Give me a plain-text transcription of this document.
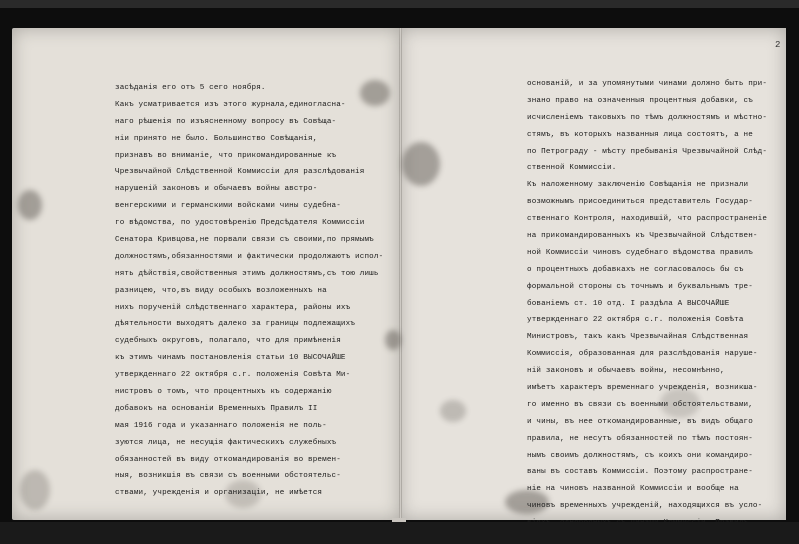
2
засѣданія его отъ 5 сего ноября.
Какъ усматривается изъ этого журнала,единогласна-
наго рѣшенія по изъясненному вопросу въ Совѣща-
ніи принято не было. Большинство Совѣщанія,
признавъ во вниманіе, что прикомандированные къ
Чрезвычайной Слѣдственной Коммиссіи для разслѣдованія
нарушеній законовъ и обычаевъ войны австро-
венгерскими и германскими войсками чины судебна-
го вѣдомства, по удостовѣренію Предсѣдателя Коммиссіи
Сенатора Кривцова,не порвали связи съ своими,по прямымъ
должностямъ,обязанностями и фактически продолжаютъ испол-
нять дѣйствія,свойственныя этимъ должностямъ,съ тою лишь
разницею, что,въ виду особыхъ возложенныхъ на
нихъ порученій слѣдственнаго характера, районы ихъ
дѣятельности выходятъ далеко за границы подлежащихъ
судебныхъ округовъ, полагало, что для примѣненія
къ этимъ чинамъ постановленія статьи 10 ВЫСОЧАЙШЕ
утвержденнаго 22 октября с.г. положенія Совѣта Ми-
нистровъ о томъ, что процентныхъ къ содержанію
добавокъ на основаніи Временныхъ Правилъ II
мая 1916 года и указаннаго положенія не поль-
зуются лица, не несущія фактическихъ служебныхъ
обязанностей въ виду откомандированія во времен-
ныя, возникшія въ связи съ военными обстоятельс-
ствами, учрежденія и организаціи, не имѣется
основаній, и за упомянутыми чинами должно быть при-
знано право на означенныя процентныя добавки, съ
исчисленіемъ таковыхъ по тѣмъ должностямъ и мѣстно-
стямъ, въ которыхъ названныя лица состоятъ, а не
по Петрограду - мѣсту пребыванія Чрезвычайной Слѣд-
ственной Коммиссіи.
Къ наложенному заключенію Совѣщанія не признали
возможнымъ присоединиться представитель Государ-
ственнаго Контроля, находившій, что распространеніе
на прикомандированныхъ къ Чрезвычайной Слѣдствен-
ной Коммиссіи чиновъ судебнаго вѣдомства правилъ
о процентныхъ добавкахъ не согласовалось бы съ
формальной стороны съ точнымъ и буквальнымъ тре-
бованіемъ ст. 10 отд. I раздѣла А ВЫСОЧАЙШЕ
утвержденнаго 22 октября с.г. положенія Совѣта
Министровъ, такъ какъ Чрезвычайная Слѣдственная
Коммиссія, образованная для разслѣдованія наруше-
ній законовъ и обычаевъ войны, несомнѣнно,
имѣетъ характеръ временнаго учрежденія, возникша-
го именно въ связи съ военными обстоятельствами,
и чины, въ нее откомандированные, въ видъ общаго
правила, не несутъ обязанностей по тѣмъ постоян-
нымъ своимъ должностямъ, съ коихъ они командиро-
ваны въ составъ Коммиссіи. Поэтому распростране-
ніе на чиновъ названной Коммиссіи и вообще на
чиновъ временныхъ учрежденій, находящихся въ усло-
